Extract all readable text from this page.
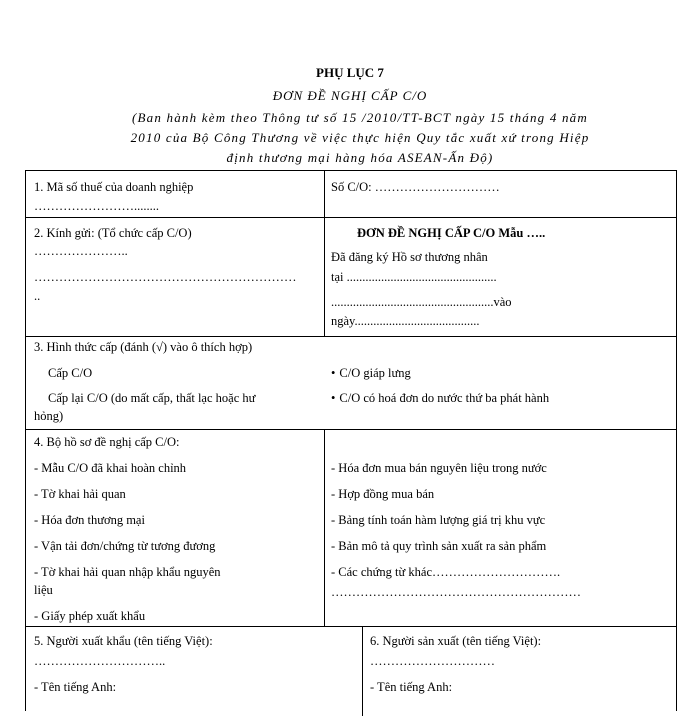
PHỤ LỤC 7
ĐƠN ĐỀ NGHỊ CẤP C/O
(Ban hành kèm theo Thông tư số 15 /2010/TT-BCT ngày 15 tháng 4 năm
2010 của Bộ Công Thương về việc thực hiện Quy tắc xuất xứ trong Hiệp
định thương mại hàng hóa ASEAN-Ấn Độ)
1. Mã số thuế của doanh nghiệp
……………………........
Số C/O: …………………………
2. Kính gửi: (Tổ chức cấp C/O)
…………………..
………………………………………………………
..
ĐƠN ĐỀ NGHỊ CẤP C/O Mẫu …..
Đã đăng ký Hồ sơ thương nhân
tại ................................................
....................................................vào
ngày........................................
3. Hình thức cấp (đánh (√) vào ô thích hợp)
Cấp C/O
Cấp lại C/O (do mất cấp, thất lạc hoặc hư
hỏng)
• C/O giáp lưng
• C/O có hoá đơn do nước thứ ba phát hành
4. Bộ hồ sơ đề nghị cấp C/O:
- Mẫu C/O đã khai hoàn chỉnh
- Tờ khai hải quan
- Hóa đơn thương mại
- Vận tải đơn/chứng từ tương đương
- Tờ khai hải quan nhập khẩu nguyên
liệu
- Giấy phép xuất khẩu
- Hóa đơn mua bán nguyên liệu trong nước
- Hợp đồng mua bán
- Bảng tính toán hàm lượng giá trị khu vực
- Bản mô tả quy trình sản xuất ra sản phẩm
- Các chứng từ khác………………………….
……………………………………………………
5. Người xuất khẩu (tên tiếng Việt):
…………………………..
- Tên tiếng Anh:
6. Người sản xuất (tên tiếng Việt):
…………………………
- Tên tiếng Anh:
